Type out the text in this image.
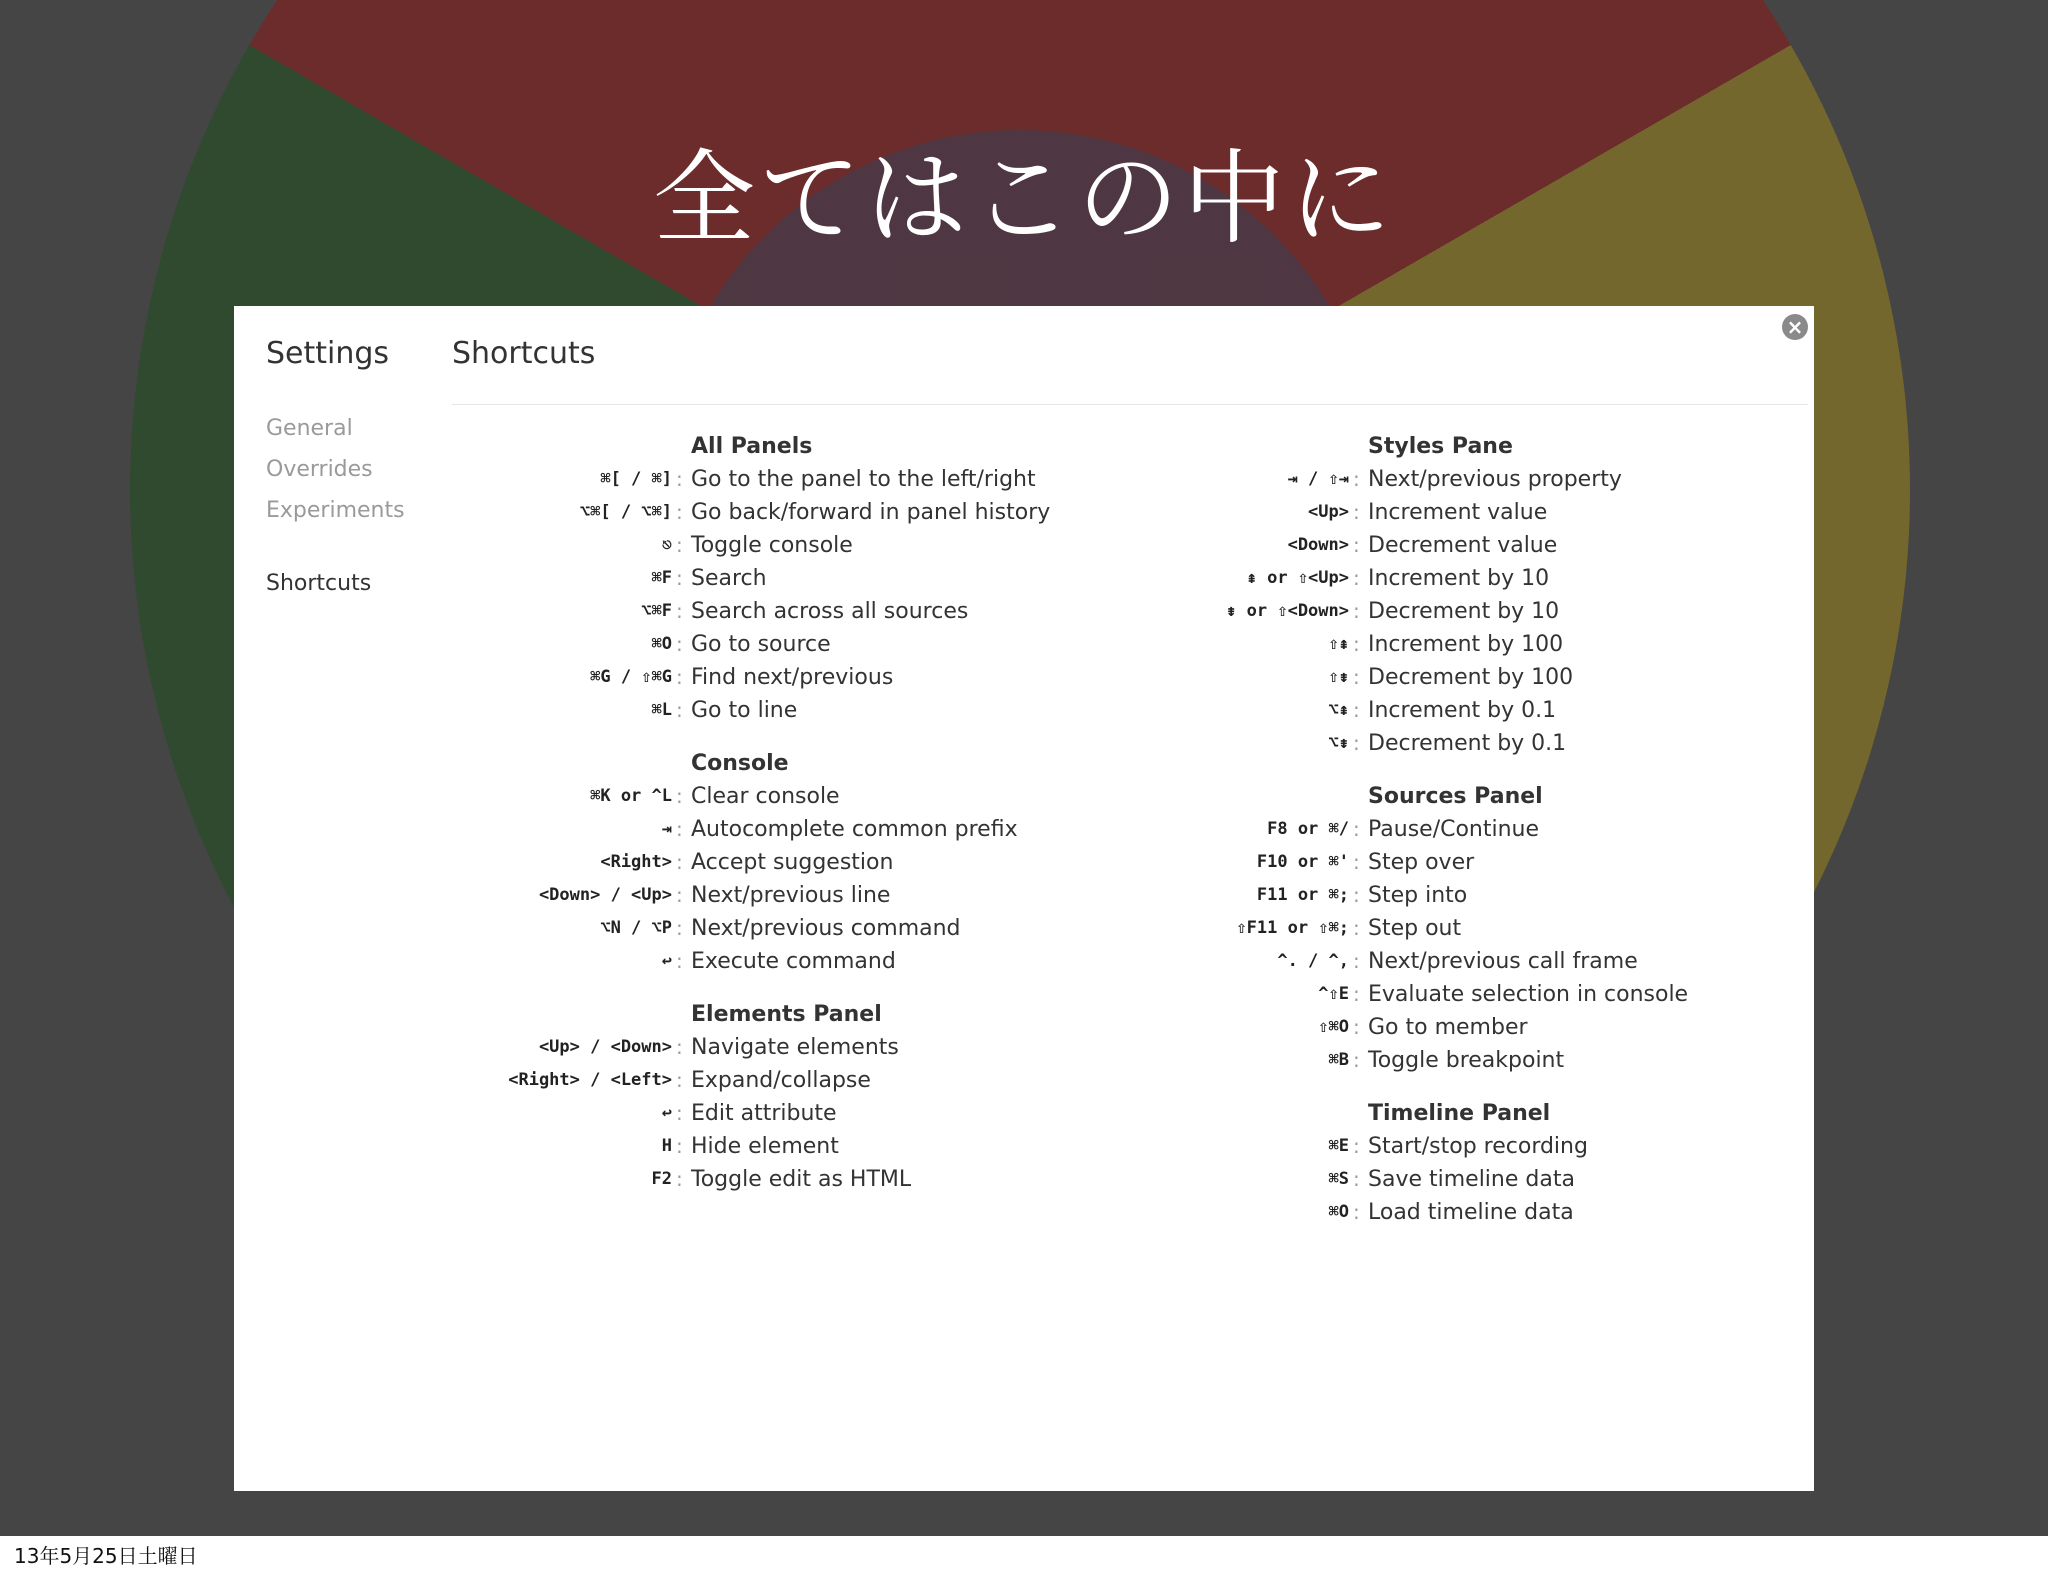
全てはこの中に
×
Settings Shortcuts
General
Overrides
Experiments
Shortcuts
All Panels
⌘[ / ⌘] : Go to the panel to the left/right
⌥⌘[ / ⌥⌘] : Go back/forward in panel history
⎋ : Toggle console
⌘F : Search
⌥⌘F : Search across all sources
⌘O : Go to source
⌘G / ⇧⌘G : Find next/previous
⌘L : Go to line
Console
⌘K or ^L : Clear console
⇥ : Autocomplete common prefix
<Right> : Accept suggestion
<Down> / <Up> : Next/previous line
⌥N / ⌥P : Next/previous command
↩ : Execute command
Elements Panel
<Up> / <Down> : Navigate elements
<Right> / <Left> : Expand/collapse
↩ : Edit attribute
H : Hide element
F2 : Toggle edit as HTML
Styles Pane
⇥ / ⇧⇥ : Next/previous property
<Up> : Increment value
<Down> : Decrement value
⇞ or ⇧<Up> : Increment by 10
⇟ or ⇧<Down> : Decrement by 10
⇧⇞ : Increment by 100
⇧⇟ : Decrement by 100
⌥⇞ : Increment by 0.1
⌥⇟ : Decrement by 0.1
Sources Panel
F8 or ⌘/ : Pause/Continue
F10 or ⌘' : Step over
F11 or ⌘; : Step into
⇧F11 or ⇧⌘; : Step out
^. / ^, : Next/previous call frame
^⇧E : Evaluate selection in console
⇧⌘O : Go to member
⌘B : Toggle breakpoint
Timeline Panel
⌘E : Start/stop recording
⌘S : Save timeline data
⌘O : Load timeline data
13年5月25日土曜日
